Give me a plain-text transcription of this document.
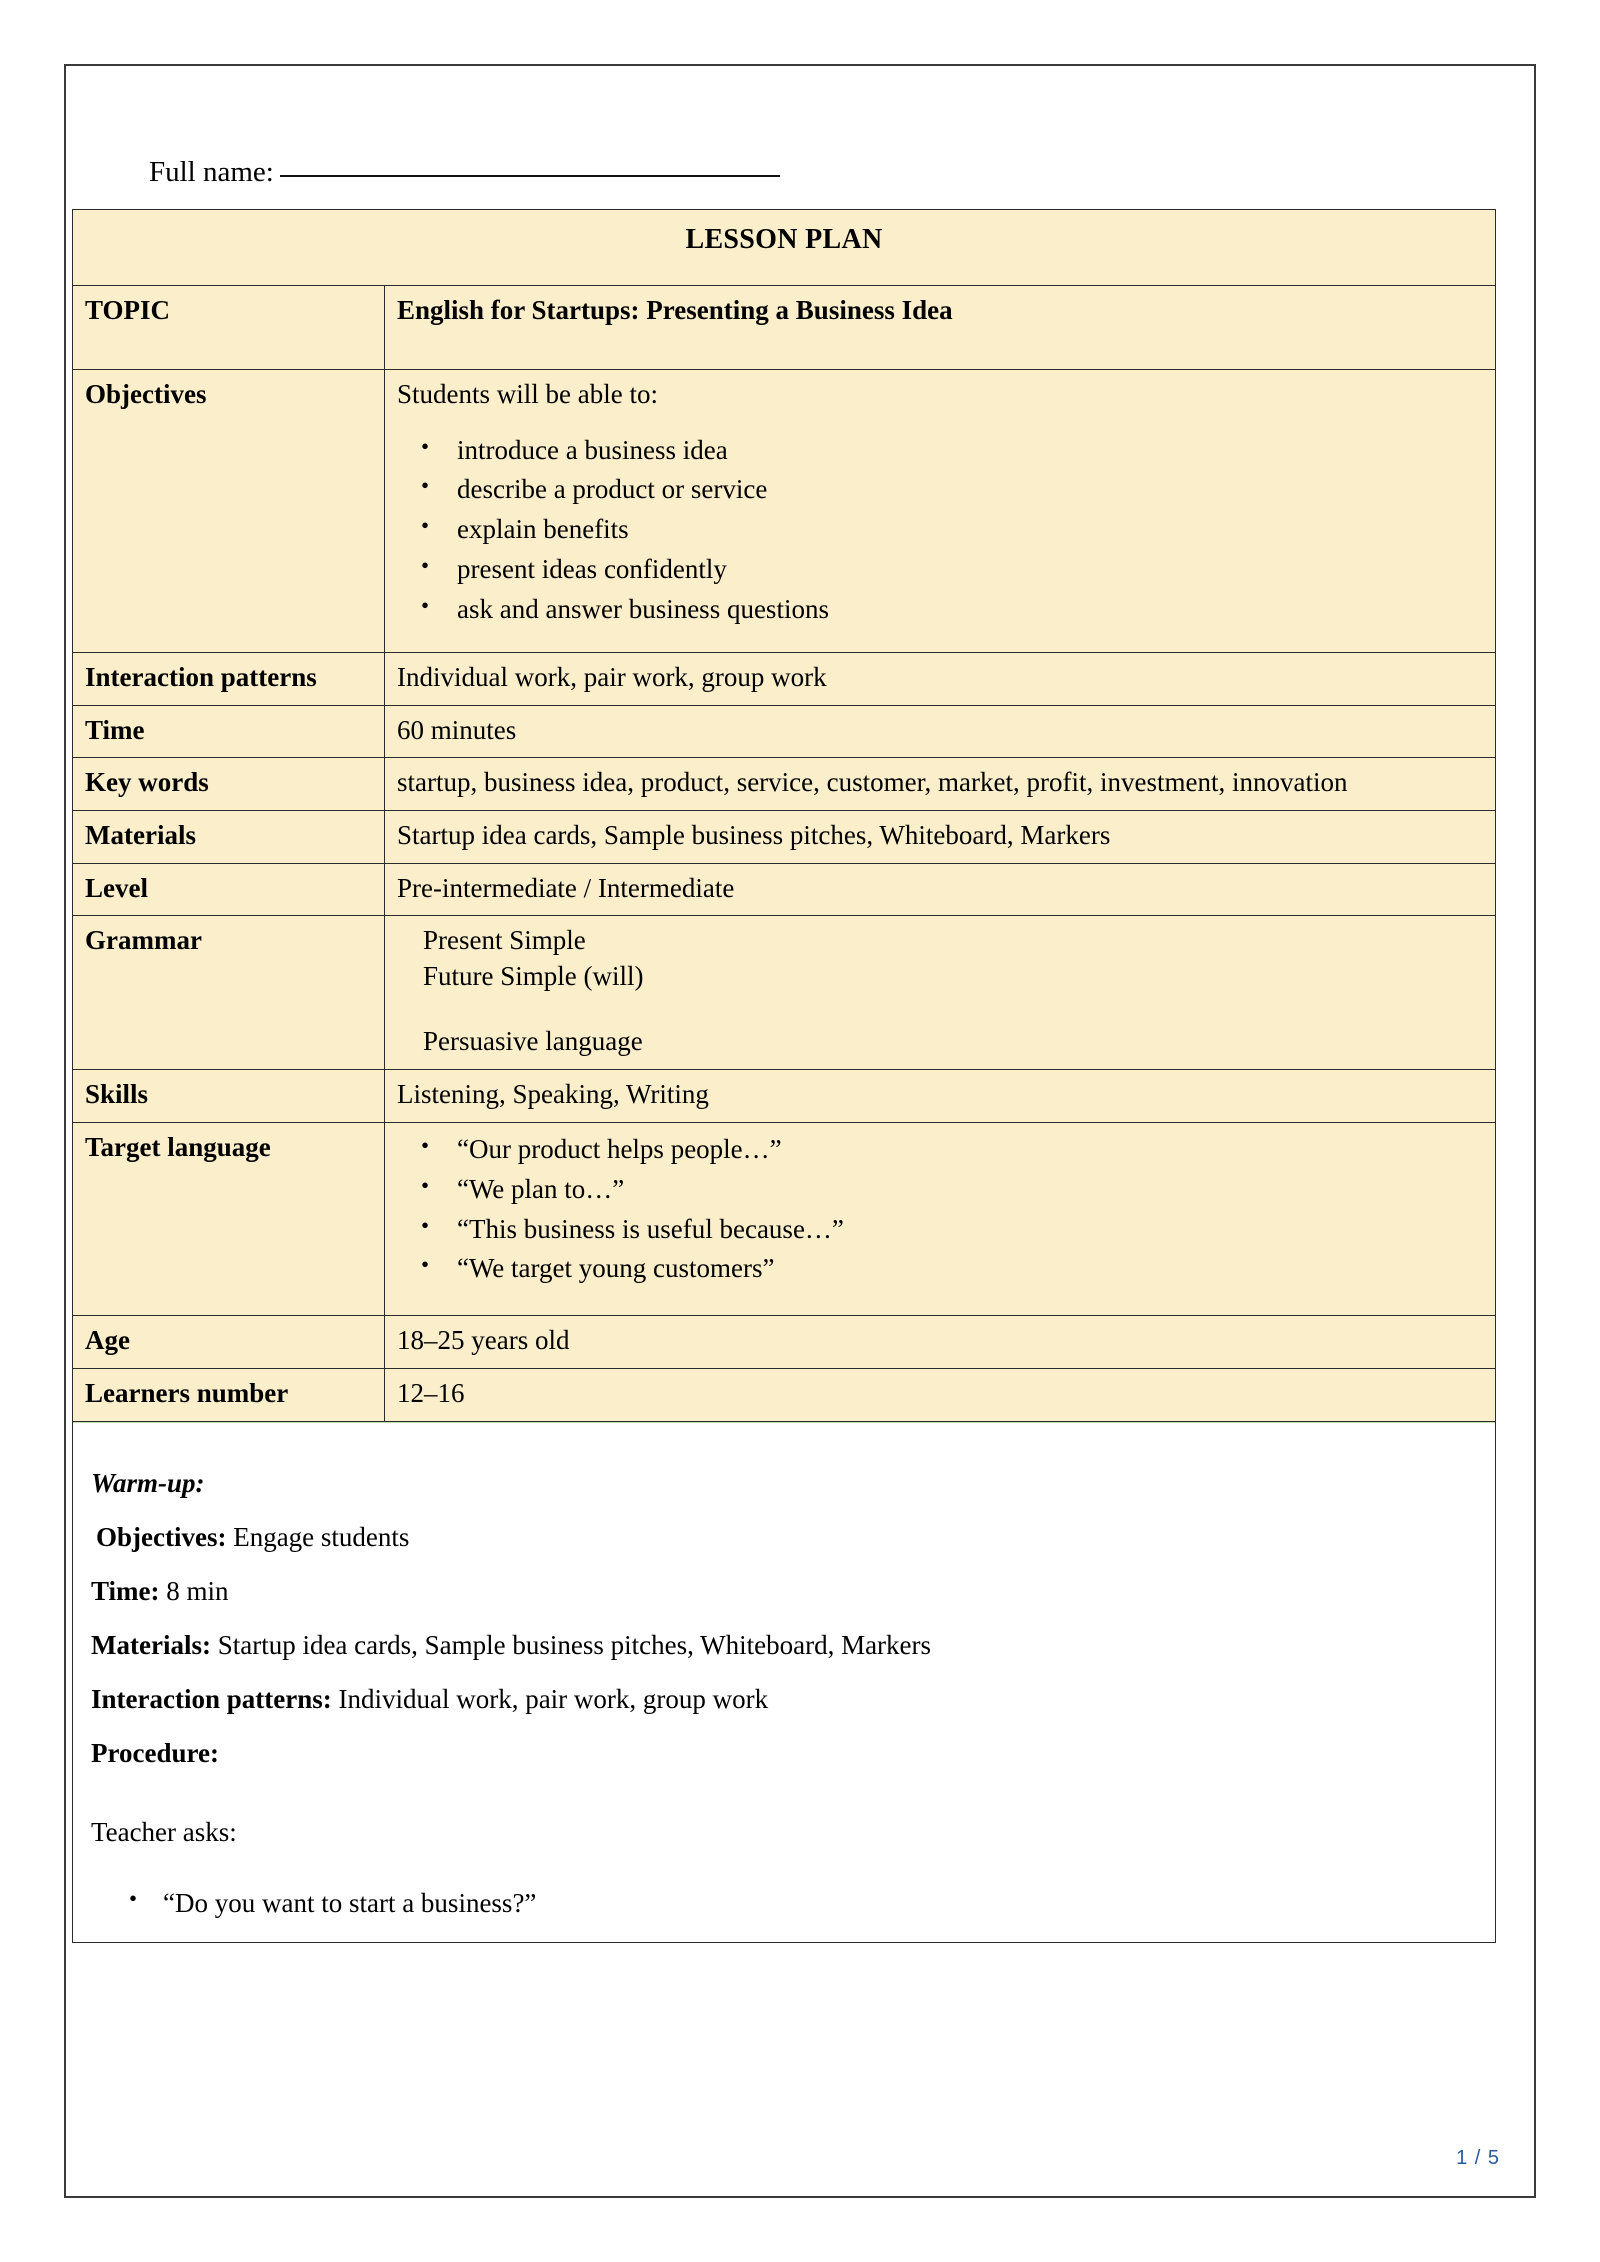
Full name:
LESSON PLAN	
TOPIC	English for Startups: Presenting a Business Idea
Objectives	Students will be able to:
• introduce a business idea
• describe a product or service
• explain benefits
• present ideas confidently
• ask and answer business questions

Interaction patterns	Individual work, pair work, group work
Time	60 minutes
Key words	startup, business idea, product, service, customer, market, profit, investment, innovation
Materials	Startup idea cards, Sample business pitches, Whiteboard, Markers
Level	Pre-intermediate / Intermediate
Grammar	Present Simple
Future Simple (will)
Persuasive language

Skills	Listening, Speaking, Writing
Target language	
•“Our product helps people…”
• “We plan to…”
• “This business is useful because…”
• “We target young customers”

Age	18–25 years old
Learners number	12–16

Warm-up:

Objectives: Engage students

Time: 8 min

Materials: Startup idea cards, Sample business pitches, Whiteboard, Markers

Interaction patterns: Individual work, pair work, group work

Procedure:

Teacher asks:

• “Do you want to start a business?”
1 / 5
